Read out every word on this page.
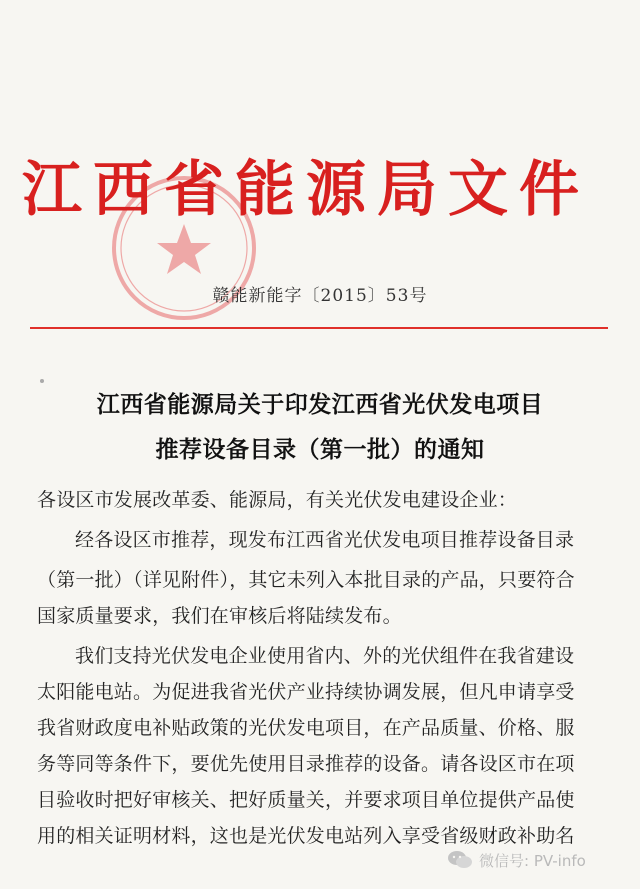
江西省能源局文件
赣能新能字〔2015〕53号
江西省能源局关于印发江西省光伏发电项目
推荐设备目录（第一批）的通知
各设区市发展改革委、能源局，有关光伏发电建设企业：
经各设区市推荐，现发布江西省光伏发电项目推荐设备目录
（第一批）（详见附件），其它未列入本批目录的产品，只要符合
国家质量要求，我们在审核后将陆续发布。
我们支持光伏发电企业使用省内、外的光伏组件在我省建设
太阳能电站。为促进我省光伏产业持续协调发展，但凡申请享受
我省财政度电补贴政策的光伏发电项目，在产品质量、价格、服
务等同等条件下，要优先使用目录推荐的设备。请各设区市在项
目验收时把好审核关、把好质量关，并要求项目单位提供产品使
用的相关证明材料，这也是光伏发电站列入享受省级财政补助名
微信号: PV-info
